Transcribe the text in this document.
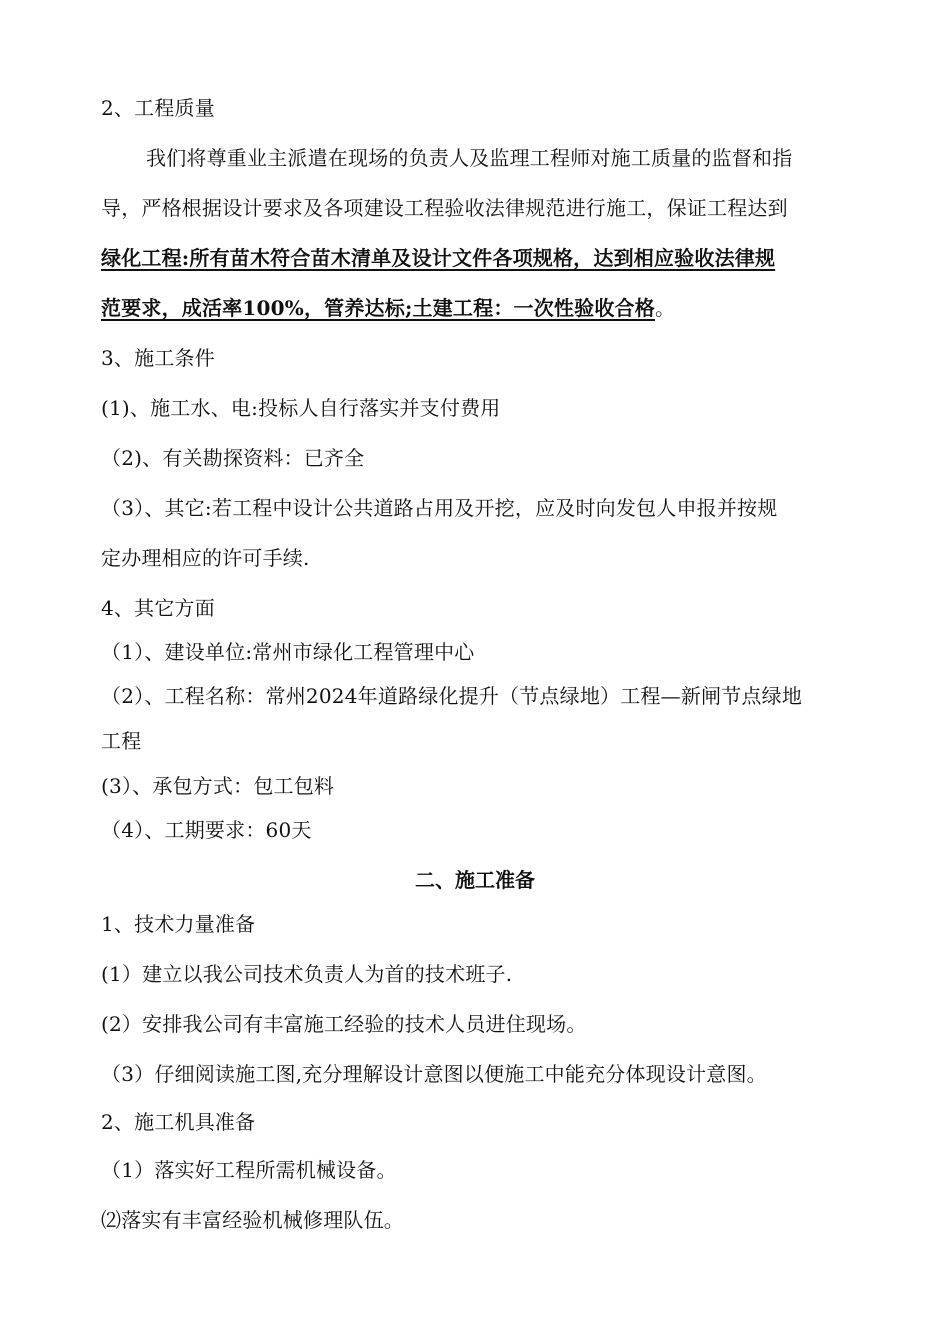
2、工程质量
我们将尊重业主派遣在现场的负责人及监理工程师对施工质量的监督和指
导，严格根据设计要求及各项建设工程验收法律规范进行施工，保证工程达到
绿化工程:所有苗木符合苗木清单及设计文件各项规格，达到相应验收法律规
范要求，成活率100%，管养达标;土建工程：一次性验收合格。
3、施工条件
(1)、施工水、电:投标人自行落实并支付费用
（2)、有关勘探资料：已齐全
（3）、其它:若工程中设计公共道路占用及开挖，应及时向发包人申报并按规
定办理相应的许可手续.
4、其它方面
（1）、建设单位:常州市绿化工程管理中心
（2）、工程名称：常州2024年道路绿化提升（节点绿地）工程—新闸节点绿地
工程
(3）、承包方式：包工包料
（4）、工期要求：60天
二、施工准备
1、技术力量准备
(1）建立以我公司技术负责人为首的技术班子.
(2）安排我公司有丰富施工经验的技术人员进住现场。
（3）仔细阅读施工图,充分理解设计意图以便施工中能充分体现设计意图。
2、施工机具准备
（1）落实好工程所需机械设备。
⑵落实有丰富经验机械修理队伍。
